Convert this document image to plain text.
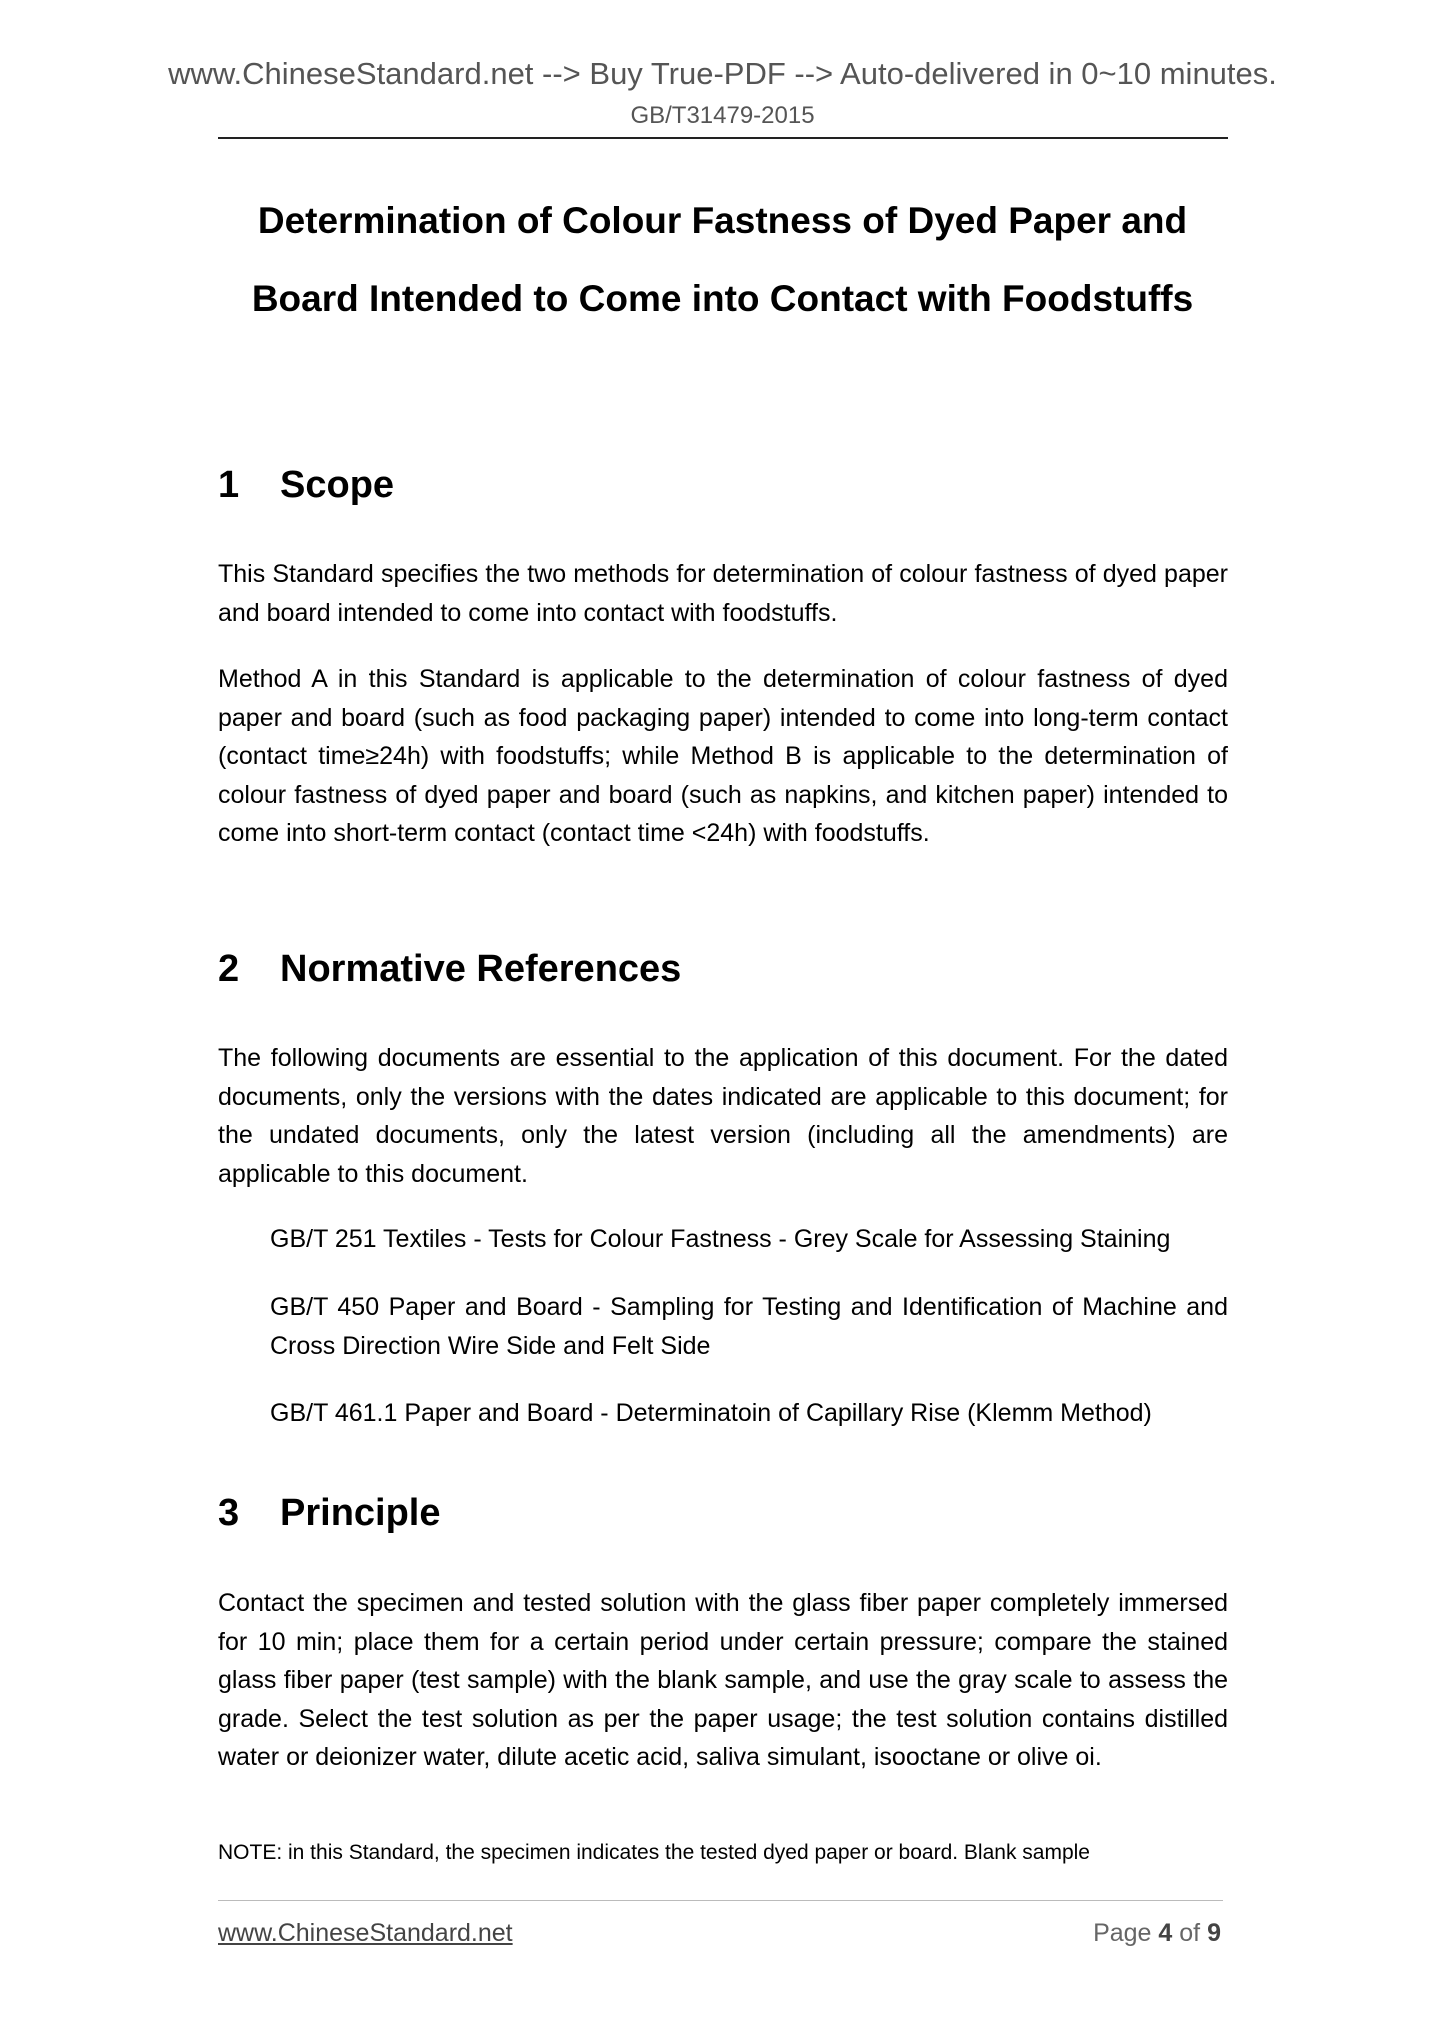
www.ChineseStandard.net --> Buy True-PDF --> Auto-delivered in 0~10 minutes.
GB/T31479-2015
Determination of Colour Fastness of Dyed Paper and
Board Intended to Come into Contact with Foodstuffs
1 Scope
This Standard specifies the two methods for determination of colour fastness of dyed paper and board intended to come into contact with foodstuffs.
Method A in this Standard is applicable to the determination of colour fastness of dyed paper and board (such as food packaging paper) intended to come into long-term contact (contact time≥24h) with foodstuffs; while Method B is applicable to the determination of colour fastness of dyed paper and board (such as napkins, and kitchen paper) intended to come into short-term contact (contact time <24h) with foodstuffs.
2 Normative References
The following documents are essential to the application of this document. For the dated documents, only the versions with the dates indicated are applicable to this document; for the undated documents, only the latest version (including all the amendments) are applicable to this document.
GB/T 251 Textiles - Tests for Colour Fastness - Grey Scale for Assessing Staining
GB/T 450 Paper and Board - Sampling for Testing and Identification of Machine and Cross Direction Wire Side and Felt Side
GB/T 461.1 Paper and Board - Determinatoin of Capillary Rise (Klemm Method)
3 Principle
Contact the specimen and tested solution with the glass fiber paper completely immersed for 10 min; place them for a certain period under certain pressure; compare the stained glass fiber paper (test sample) with the blank sample, and use the gray scale to assess the grade. Select the test solution as per the paper usage; the test solution contains distilled water or deionizer water, dilute acetic acid, saliva simulant, isooctane or olive oi.
NOTE: in this Standard, the specimen indicates the tested dyed paper or board. Blank sample
www.ChineseStandard.net	Page 4 of 9
